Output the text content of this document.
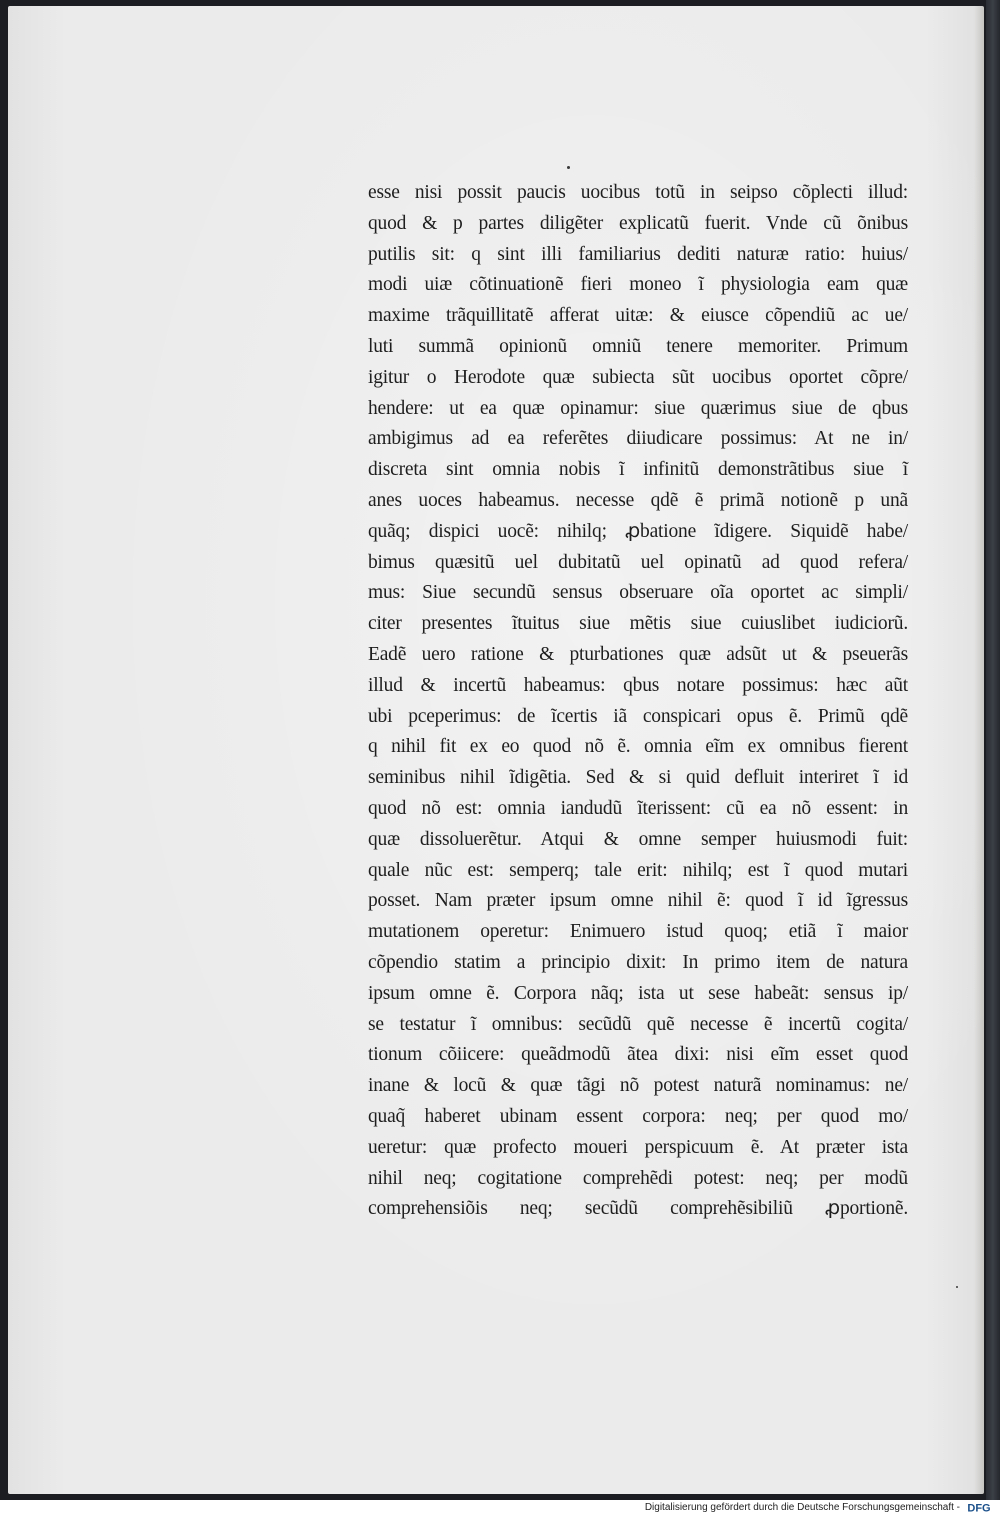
esse nisi possit paucis uocibus totũ in seipso cõplecti illud:
quod & p partes diligẽter explicatũ fuerit. Vnde cũ õnibus
putilis sit: q sint illi familiarius dediti naturæ ratio: huius/
modi uiæ cõtinuationẽ fieri moneo ĩ physiologia eam quæ
maxime trãquillitatẽ afferat uitæ: & eiusce cõpendiũ ac ue/
luti summã opinionũ omniũ tenere memoriter. Primum
igitur o Herodote quæ subiecta sũt uocibus oportet cõpre/
hendere: ut ea quæ opinamur: siue quærimus siue de qbus
ambigimus ad ea referẽtes diiudicare possimus: At ne in/
discreta sint omnia nobis ĩ infinitũ demonstrãtibus siue ĩ
anes uoces habeamus. necesse qdẽ ẽ primã notionẽ p unã
quãq; dispici uocẽ: nihilq; ꝓbatione ĩdigere. Siquidẽ habe/
bimus quæsitũ uel dubitatũ uel opinatũ ad quod refera/
mus: Siue secundũ sensus obseruare oĩa oportet ac simpli/
citer presentes ĩtuitus siue mẽtis siue cuiuslibet iudiciorũ.
Eadẽ uero ratione & pturbationes quæ adsũt ut & pseuerãs
illud & incertũ habeamus: qbus notare possimus: hæc aũt
ubi pceperimus: de ĩcertis iã conspicari opus ẽ. Primũ qdẽ
q nihil fit ex eo quod nõ ẽ. omnia eĩm ex omnibus fierent
seminibus nihil ĩdigẽtia. Sed & si quid defluit interiret ĩ id
quod nõ est: omnia iandudũ ĩterissent: cũ ea nõ essent: in
quæ dissoluerẽtur. Atqui & omne semper huiusmodi fuit:
quale nũc est: semperq; tale erit: nihilq; est ĩ quod mutari
posset. Nam præter ipsum omne nihil ẽ: quod ĩ id ĩgressus
mutationem operetur: Enimuero istud quoq; etiã ĩ maior
cõpendio statim a principio dixit: In primo item de natura
ipsum omne ẽ. Corpora nãq; ista ut sese habeãt: sensus ip/
se testatur ĩ omnibus: secũdũ quẽ necesse ẽ incertũ cogita/
tionum cõiicere: queãdmodũ ãtea dixi: nisi eĩm esset quod
inane & locũ & quæ tãgi nõ potest naturã nominamus: ne/
quaq̃ haberet ubinam essent corpora: neq; per quod mo/
ueretur: quæ profecto moueri perspicuum ẽ. At præter ista
nihil neq; cogitatione comprehẽdi potest: neq; per modũ
comprehensiõis neq; secũdũ comprehẽsibiliũ ꝓportionẽ.
Digitalisierung gefördert durch die Deutsche Forschungsgemeinschaft - DFG
